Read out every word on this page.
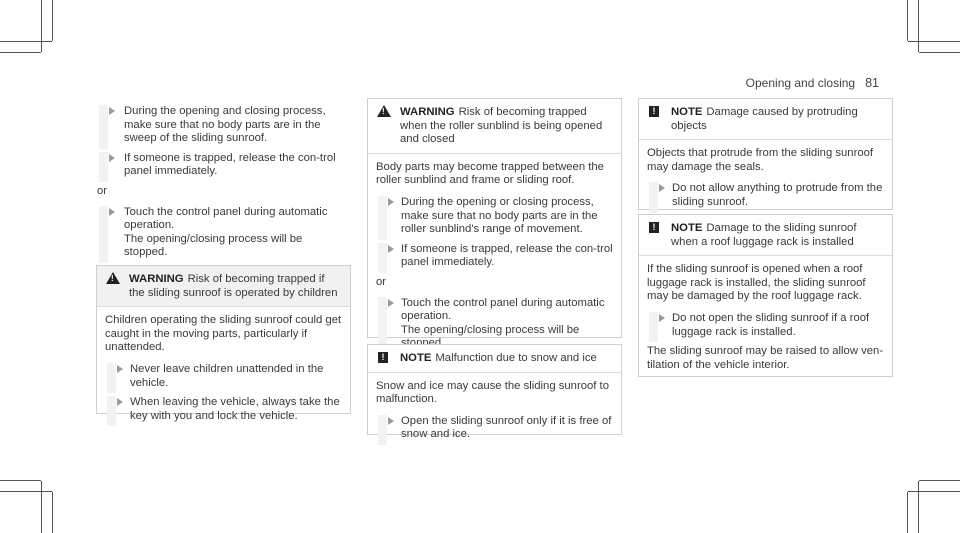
Opening and closing 81
During the opening and closing process, make sure that no body parts are in the sweep of the sliding sunroof.
If someone is trapped, release the con-trol panel immediately.
or
Touch the control panel during automatic operation.
The opening/closing process will be stopped.
! WARNING Risk of becoming trapped if the sliding sunroof is operated by children
Children operating the sliding sunroof could get caught in the moving parts, particularly if unattended.
Never leave children unattended in the vehicle.
When leaving the vehicle, always take the key with you and lock the vehicle.
! WARNING Risk of becoming trapped when the roller sunblind is being opened and closed
Body parts may become trapped between the roller sunblind and frame or sliding roof.
During the opening or closing process, make sure that no body parts are in the roller sunblind's range of movement.
If someone is trapped, release the con-trol panel immediately.
or
Touch the control panel during automatic operation.
The opening/closing process will be
!	NOTE Malfunction due to snow and ice
Snow and ice may cause the sliding sunroof to malfunction.
Open the sliding sunroof only if it is free of snow and ice.
!	NOTE Damage caused by protruding objects
Objects that protrude from the sliding sunroof may damage the seals.
Do not allow anything to protrude from the sliding sunroof.
!	NOTE Damage to the sliding sunroof when a roof luggage rack is installed
If the sliding sunroof is opened when a roof luggage rack is installed, the sliding sunroof may be damaged by the roof luggage rack.
Do not open the sliding sunroof if a roof luggage rack is installed.
The sliding sunroof may be raised to allow ven-tilation of the vehicle interior.
